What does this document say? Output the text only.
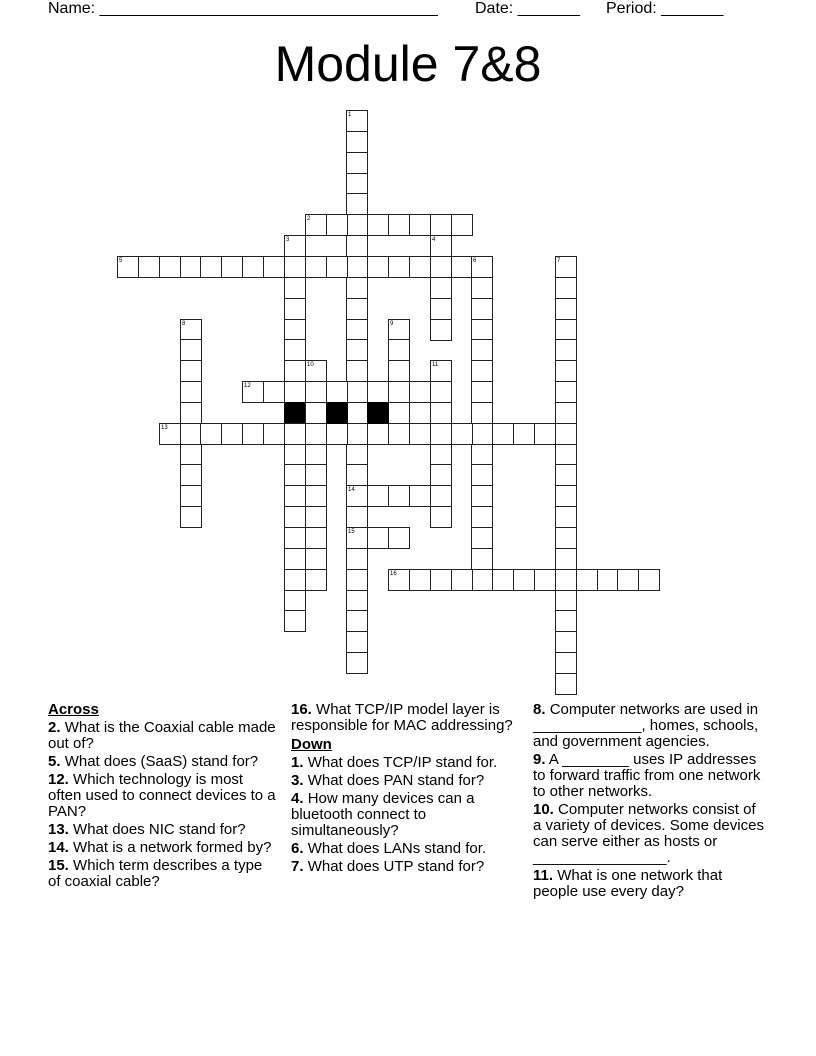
Name: ______________________________________ Date: _______ Period: _______
Module 7&8
1
14
15
2
3	4
5	6	7
8	9
10	11
12
13
16
Across
2. What is the Coaxial cable made out of?
5. What does (SaaS) stand for?
12. Which technology is most often used to connect devices to a PAN?
13. What does NIC stand for?
14. What is a network formed by?
15. Which term describes a type of coaxial cable?
16. What TCP/IP model layer is responsible for MAC addressing?
Down
1. What does TCP/IP stand for.
3. What does PAN stand for?
4. How many devices can a bluetooth connect to simultaneously?
6. What does LANs stand for.
7. What does UTP stand for?
8. Computer networks are used in _____________, homes, schools, and government agencies.
9. A ________ uses IP addresses to forward traffic from one network to other networks.
10. Computer networks consist of a variety of devices. Some devices can serve either as hosts or ________________.
11. What is one network that people use every day?
